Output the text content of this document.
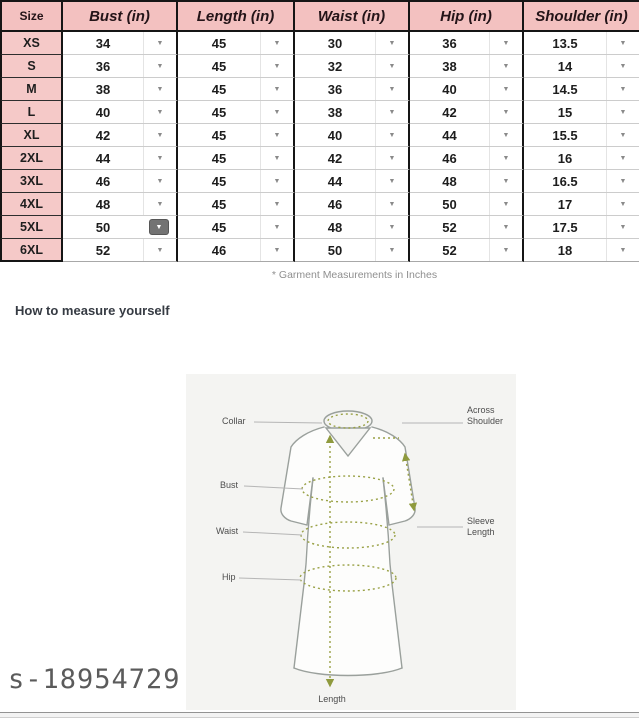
Size	Bust (in)	Length (in)	Waist (in)	Hip (in)	Shoulder (in)
XS	34	▼	45	▼	30	▼	36	▼	13.5	▼
S	36	▼	45	▼	32	▼	38	▼	14	▼
M	38	▼	45	▼	36	▼	40	▼	14.5	▼
L	40	▼	45	▼	38	▼	42	▼	15	▼
XL	42	▼	45	▼	40	▼	44	▼	15.5	▼
2XL	44	▼	45	▼	42	▼	46	▼	16	▼
3XL	46	▼	45	▼	44	▼	48	▼	16.5	▼
4XL	48	▼	45	▼	46	▼	50	▼	17	▼
5XL	50	▼	45	▼	48	▼	52	▼	17.5	▼
6XL	52	▼	46	▼	50	▼	52	▼	18	▼
* Garment Measurements in Inches
How to measure yourself
Collar
Across Shoulder
Bust
Waist
Hip
Sleeve Length
Length
s-18954729
